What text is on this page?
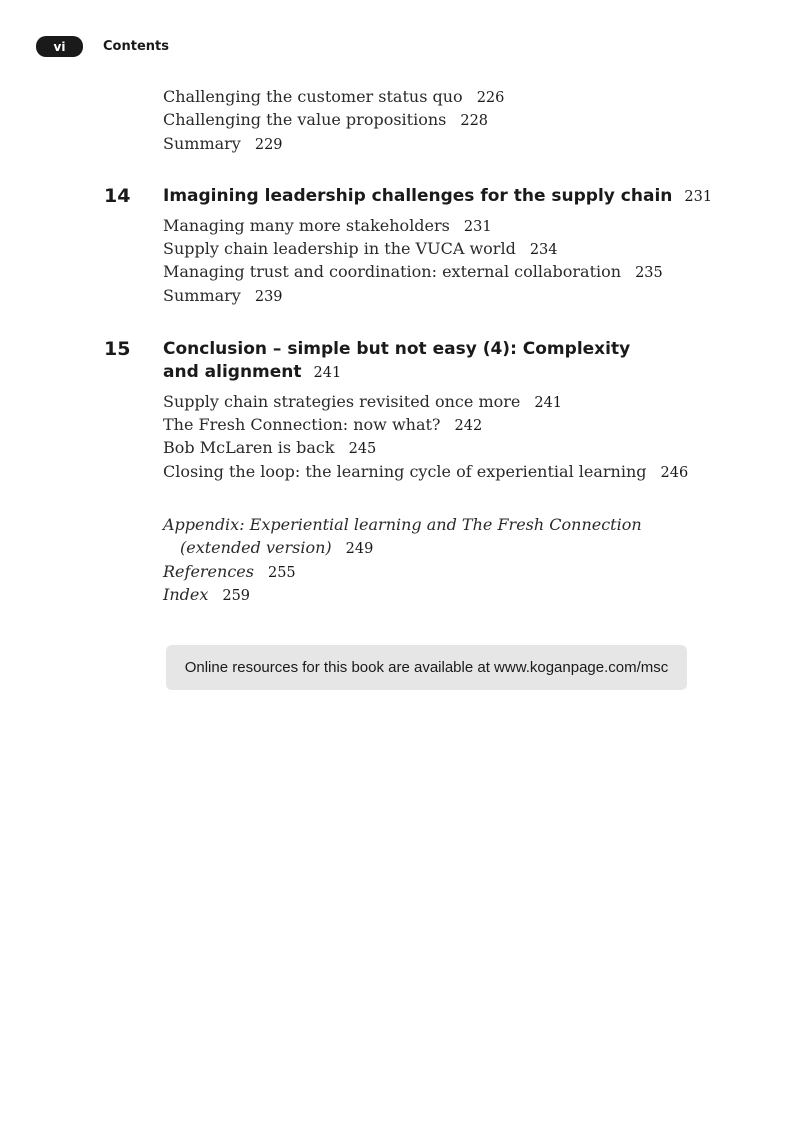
vi	Contents
Challenging the customer status quo 226
Challenging the value propositions 228
Summary 229
14 Imagining leadership challenges for the supply chain 231
Managing many more stakeholders 231
Supply chain leadership in the VUCA world 234
Managing trust and coordination: external collaboration 235
Summary 239
15 Conclusion – simple but not easy (4): Complexity
and alignment 241
Supply chain strategies revisited once more 241
The Fresh Connection: now what? 242
Bob McLaren is back 245
Closing the loop: the learning cycle of experiential learning 246
Appendix: Experiential learning and The Fresh Connection
(extended version) 249
References 255
Index 259
Online resources for this book are available at www.koganpage.com/msc
